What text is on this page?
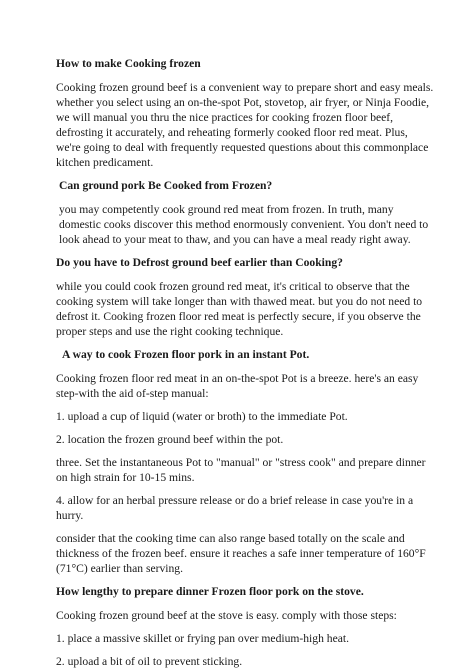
How to make Cooking frozen
Cooking frozen ground beef is a convenient way to prepare short and easy meals. whether you select using an on-the-spot Pot, stovetop, air fryer, or Ninja Foodie, we will manual you thru the nice practices for cooking frozen floor beef, defrosting it accurately, and reheating formerly cooked floor red meat. Plus, we're going to deal with frequently requested questions about this commonplace kitchen predicament.
Can ground pork Be Cooked from Frozen?
you may competently cook ground red meat from frozen. In truth, many domestic cooks discover this method enormously convenient. You don't need to look ahead to your meat to thaw, and you can have a meal ready right away.
Do you have to Defrost ground beef earlier than Cooking?
while you could cook frozen ground red meat, it's critical to observe that the cooking system will take longer than with thawed meat. but you do not need to defrost it. Cooking frozen floor red meat is perfectly secure, if you observe the proper steps and use the right cooking technique.
A way to cook Frozen floor pork in an instant Pot.
Cooking frozen floor red meat in an on-the-spot Pot is a breeze. here's an easy step-with the aid of-step manual:
1. upload a cup of liquid (water or broth) to the immediate Pot.
2. location the frozen ground beef within the pot.
three. Set the instantaneous Pot to "manual" or "stress cook" and prepare dinner on high strain for 10-15 mins.
4. allow for an herbal pressure release or do a brief release in case you're in a hurry.
consider that the cooking time can also range based totally on the scale and thickness of the frozen beef. ensure it reaches a safe inner temperature of 160°F (71°C) earlier than serving.
How lengthy to prepare dinner Frozen floor pork on the stove.
Cooking frozen ground beef at the stove is easy. comply with those steps:
1. place a massive skillet or frying pan over medium-high heat.
2. upload a bit of oil to prevent sticking.
